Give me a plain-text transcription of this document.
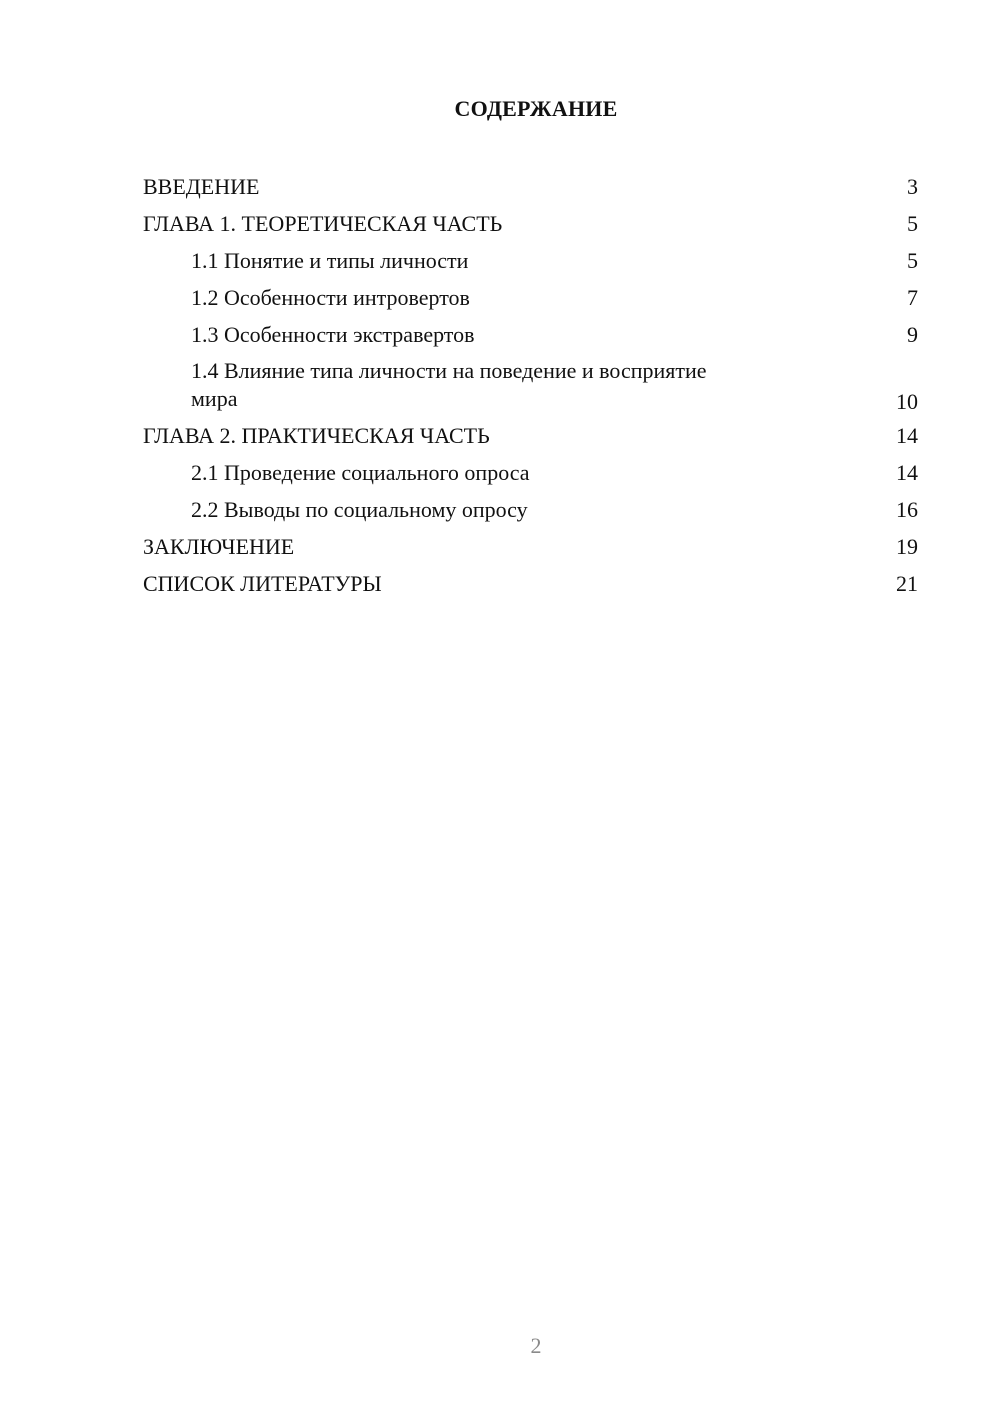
СОДЕРЖАНИЕ
ВВЕДЕНИЕ	3
ГЛАВА 1. ТЕОРЕТИЧЕСКАЯ ЧАСТЬ	5
1.1 Понятие и типы личности	5
1.2 Особенности интровертов	7
1.3 Особенности экстравертов	9
1.4 Влияние типа личности на поведение и восприятие
мира	10
ГЛАВА 2. ПРАКТИЧЕСКАЯ ЧАСТЬ	14
2.1 Проведение социального опроса	14
2.2 Выводы по социальному опросу	16
ЗАКЛЮЧЕНИЕ	19
СПИСОК ЛИТЕРАТУРЫ	21
2
